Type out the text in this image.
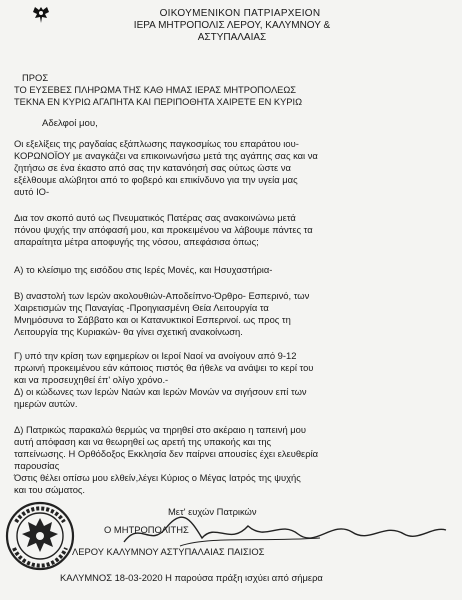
ΟΙΚΟΥΜΕΝΙΚΟΝ ΠΑΤΡΙΑΡΧΕΙΟΝ
ΙΕΡΑ ΜΗΤΡΟΠΟΛΙΣ ΛΕΡΟΥ, ΚΑΛΥΜΝΟΥ &
ΑΣΤΥΠΑΛΑΙΑΣ
ΠΡΟΣ
ΤΟ ΕΥΣΕΒΕΣ ΠΛΗΡΩΜΑ ΤΗΣ ΚΑΘ ΗΜΑΣ ΙΕΡΑΣ ΜΗΤΡΟΠΟΛΕΩΣ
ΤΕΚΝΑ ΕΝ ΚΥΡΙΩ ΑΓΑΠΗΤΑ ΚΑΙ ΠΕΡΙΠΟΘΗΤΑ ΧΑΙΡΕΤΕ ΕΝ ΚΥΡΙΩ
Αδελφοί μου,
Οι εξελίξεις της ραγδαίας εξάπλωσης παγκοσμίως του επαράτου ιου-
ΚΟΡΩΝΟΪΟΥ με αναγκάζει να επικοινωνήσω μετά της αγάπης σας και να
ζητήσω σε ένα έκαστο από σας την κατανόησή σας ούτως ώστε να
εξέλθουμε αλώβητοι από το φοβερό και επικίνδυνο για την υγεία μας
αυτό ΙΟ-
Δια τον σκοπό αυτό ως Πνευματικός Πατέρας σας ανακοινώνω μετά
πόνου ψυχής την απόφασή μου, και προκειμένου να λάβουμε πάντες τα
απαραίτητα μέτρα αποφυγής της νόσου, απεφάσισα όπως;
Α) το κλείσιμο της εισόδου στις Ιερές Μονές, και Ησυχαστήρια-
Β) αναστολή των Ιερών ακολουθιών-Αποδείπνο-Όρθρο- Εσπερινό, των
Χαιρετισμών της Παναγίας -Προηγιασμένη Θεία Λειτουργία τα
Μνημόσυνα το Σάββατο και οι Κατανυκτικοί Εσπερινοί. ως προς τη
Λειτουργία της Κυριακών- θα γίνει σχετική ανακοίνωση.
Γ) υπό την κρίση των εφημερίων οι Ιεροί Ναοί να ανοίγουν από 9-12
πρωινή προκειμένου εάν κάποιος πιστός θα ήθελε να ανάψει το κερί του
και να προσευχηθεί έπ' ολίγο χρόνο.-
Δ) οι κώδωνες των Ιερών Ναών και Ιερών Μονών να σιγήσουν επί των
ημερών αυτών.
Δ) Πατρικώς παρακαλώ θερμώς να τηρηθεί στο ακέραιο η ταπεινή μου
αυτή απόφαση και να θεωρηθεί ως αρετή της υπακοής και της
ταπείνωσης. Η Ορθόδοξος Εκκλησία δεν παίρνει απουσίες έχει ελευθερία
παρουσίας
Όστις θέλει οπίσω μου ελθείν,λέγει Κύριος ο Μέγας Ιατρός της ψυχής
και του σώματος.
Μετ' ευχών Πατρικών
Ο ΜΗΤΡΟΠΟΛΙΤΗΣ
ΛΕΡΟΥ ΚΑΛΥΜΝΟΥ ΑΣΤΥΠΑΛΑΙΑΣ ΠΑΙΣΙΟΣ
ΚΑΛΥΜΝΟΣ 18-03-2020 Η παρούσα πράξη ισχύει από σήμερα
